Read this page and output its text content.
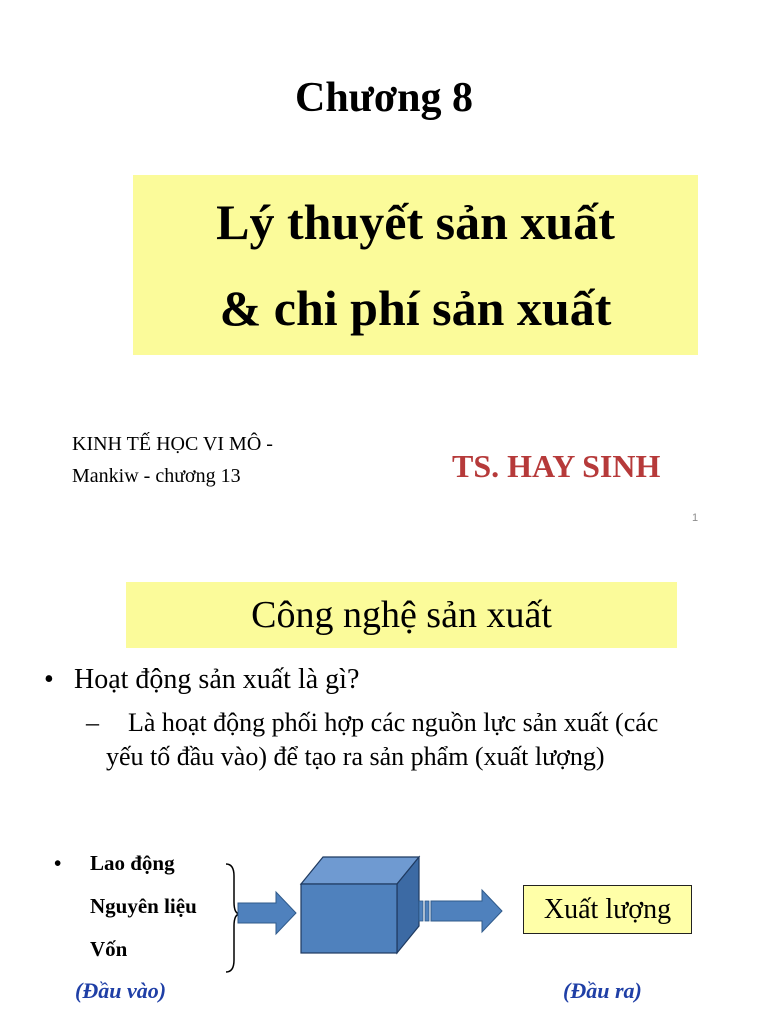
Chương 8
Lý thuyết sản xuất
& chi phí sản xuất
KINH TẾ HỌC VI MÔ -
Mankiw - chương 13	TS. HAY SINH
1
Công nghệ sản xuất
• Hoạt động sản xuất là gì?
– Là hoạt động phối hợp các nguồn lực sản xuất (các
yếu tố đầu vào) để tạo ra sản phẩm (xuất lượng)
• Lao động
Nguyên liệu
Vốn
Xuất lượng
(Đầu vào)	(Đầu ra)
